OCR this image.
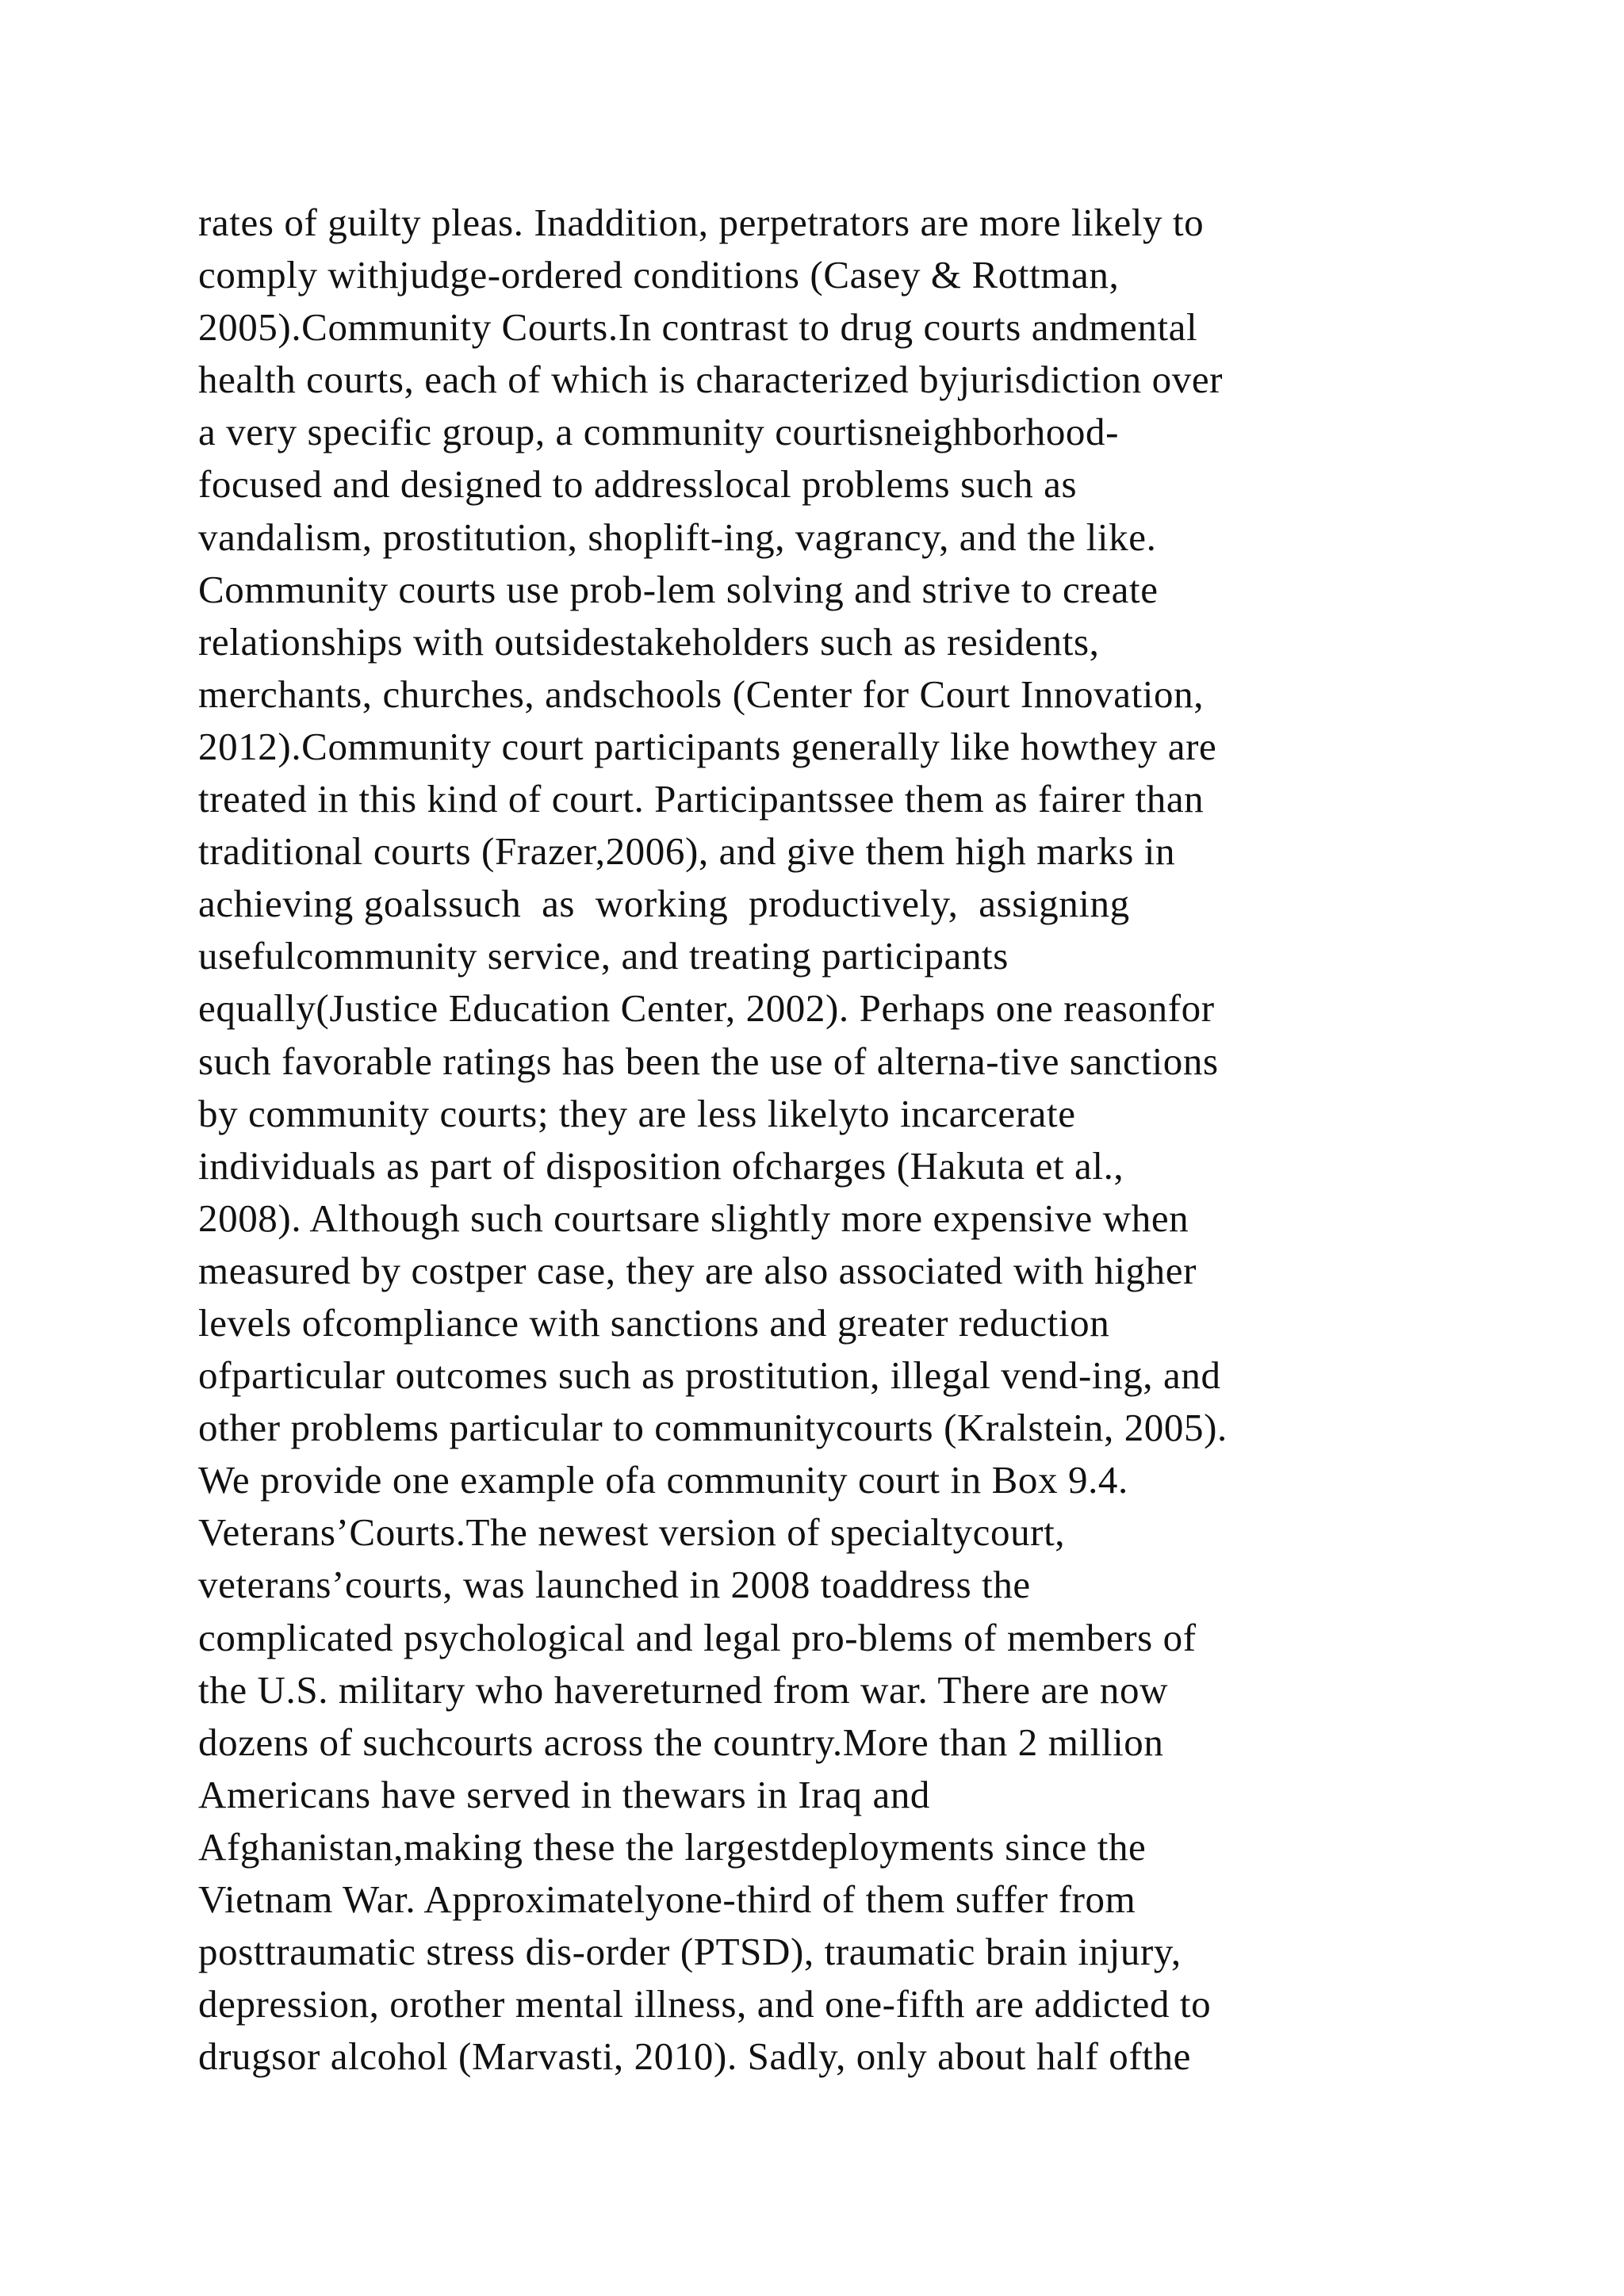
rates of guilty pleas. Inaddition, perpetrators are more likely to
comply withjudge-ordered conditions (Casey & Rottman,
2005).Community Courts.In contrast to drug courts andmental
health courts, each of which is characterized byjurisdiction over
a very specific group, a community courtisneighborhood-
focused and designed to addresslocal problems such as
vandalism, prostitution, shoplift-ing, vagrancy, and the like.
Community courts use prob-lem solving and strive to create
relationships with outsidestakeholders such as residents,
merchants, churches, andschools (Center for Court Innovation,
2012).Community court participants generally like howthey are
treated in this kind of court. Participantssee them as fairer than
traditional courts (Frazer,2006), and give them high marks in
achieving goalssuch  as  working  productively,  assigning
usefulcommunity service, and treating participants
equally(Justice Education Center, 2002). Perhaps one reasonfor
such favorable ratings has been the use of alterna-tive sanctions
by community courts; they are less likelyto incarcerate
individuals as part of disposition ofcharges (Hakuta et al.,
2008). Although such courtsare slightly more expensive when
measured by costper case, they are also associated with higher
levels ofcompliance with sanctions and greater reduction
ofparticular outcomes such as prostitution, illegal vend-ing, and
other problems particular to communitycourts (Kralstein, 2005).
We provide one example ofa community court in Box 9.4.
Veterans’Courts.The newest version of specialtycourt,
veterans’courts, was launched in 2008 toaddress the
complicated psychological and legal pro-blems of members of
the U.S. military who havereturned from war. There are now
dozens of suchcourts across the country.More than 2 million
Americans have served in thewars in Iraq and
Afghanistan,making these the largestdeployments since the
Vietnam War. Approximatelyone-third of them suffer from
posttraumatic stress dis-order (PTSD), traumatic brain injury,
depression, orother mental illness, and one-fifth are addicted to
drugsor alcohol (Marvasti, 2010). Sadly, only about half ofthe
